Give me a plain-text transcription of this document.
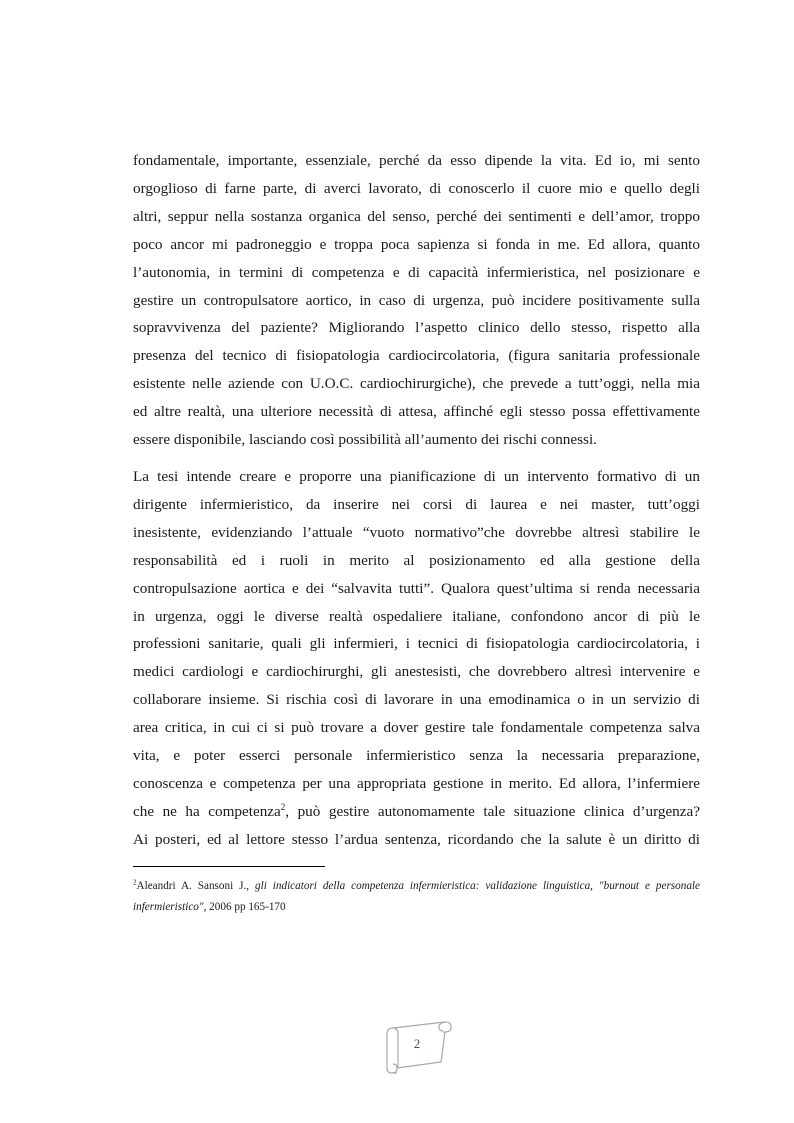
fondamentale, importante, essenziale, perché da esso dipende la vita. Ed io, mi sento
orgoglioso di farne parte, di averci lavorato, di conoscerlo il cuore mio e quello degli
altri, seppur nella sostanza organica del senso, perché dei sentimenti e dell’amor, troppo
poco ancor mi padroneggio e troppa poca sapienza si fonda in me. Ed allora, quanto
l’autonomia, in termini di competenza e di capacità infermieristica, nel posizionare e
gestire un contropulsatore aortico, in caso di urgenza, può incidere positivamente sulla
sopravvivenza del paziente? Migliorando l’aspetto clinico dello stesso, rispetto alla
presenza del tecnico di fisiopatologia cardiocircolatoria, (figura sanitaria professionale
esistente nelle aziende con U.O.C. cardiochirurgiche), che prevede a tutt’oggi, nella mia
ed altre realtà, una ulteriore necessità di attesa, affinché egli stesso possa effettivamente
essere disponibile, lasciando così possibilità all’aumento dei rischi connessi.

La tesi intende creare e proporre una pianificazione di un intervento formativo di un
dirigente infermieristico, da inserire nei corsi di laurea e nei master, tutt’oggi
inesistente, evidenziando l’attuale “vuoto normativo”che dovrebbe altresì stabilire le
responsabilità ed i ruoli in merito al posizionamento ed alla gestione della
contropulsazione aortica e dei “salvavita tutti”. Qualora quest’ultima si renda necessaria
in urgenza, oggi le diverse realtà ospedaliere italiane, confondono ancor di più le
professioni sanitarie, quali gli infermieri, i tecnici di fisiopatologia cardiocircolatoria, i
medici cardiologi e cardiochirurghi, gli anestesisti, che dovrebbero altresì intervenire e
collaborare insieme. Si rischia così di lavorare in una emodinamica o in un servizio di
area critica, in cui ci si può trovare a dover gestire tale fondamentale competenza salva
vita, e poter esserci personale infermieristico senza la necessaria preparazione,
conoscenza e competenza per una appropriata gestione in merito. Ed allora, l’infermiere
che ne ha competenza$^2$, può gestire autonomamente tale situazione clinica d’urgenza?
Ai posteri, ed al lettore stesso l’ardua sentenza, ricordando che la salute è un diritto di

$^2$Aleandri A. Sansoni J., gli indicatori della competenza infermieristica: validazione linguistica, "burnout e personale infermieristico", 2006 pp 165-170

2
